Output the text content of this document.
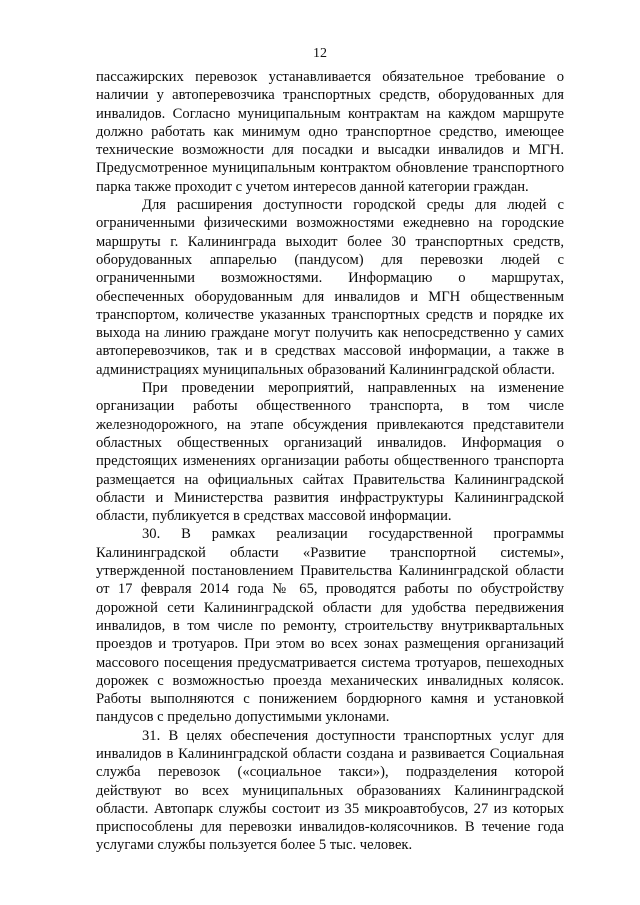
12

пассажирских перевозок устанавливается обязательное требование о наличии у автоперевозчика транспортных средств, оборудованных для инвалидов. Согласно муниципальным контрактам на каждом маршруте должно работать как минимум одно транспортное средство, имеющее технические возможности для посадки и высадки инвалидов и МГН. Предусмотренное муниципальным контрактом обновление транспортного парка также проходит с учетом интересов данной категории граждан.

Для расширения доступности городской среды для людей с ограниченными физическими возможностями ежедневно на городские маршруты г. Калининграда выходит более 30 транспортных средств, оборудованных аппарелью (пандусом) для перевозки людей с ограниченными возможностями. Информацию о маршрутах, обеспеченных оборудованным для инвалидов и МГН общественным транспортом, количестве указанных транспортных средств и порядке их выхода на линию граждане могут получить как непосредственно у самих автоперевозчиков, так и в средствах массовой информации, а также в администрациях муниципальных образований Калининградской области.

При проведении мероприятий, направленных на изменение организации работы общественного транспорта, в том числе железнодорожного, на этапе обсуждения привлекаются представители областных общественных организаций инвалидов. Информация о предстоящих изменениях организации работы общественного транспорта размещается на официальных сайтах Правительства Калининградской области и Министерства развития инфраструктуры Калининградской области, публикуется в средствах массовой информации.

30. В рамках реализации государственной программы Калининградской области «Развитие транспортной системы», утвержденной постановлением Правительства Калининградской области от 17 февраля 2014 года № 65, проводятся работы по обустройству дорожной сети Калининградской области для удобства передвижения инвалидов, в том числе по ремонту, строительству внутриквартальных проездов и тротуаров. При этом во всех зонах размещения организаций массового посещения предусматривается система тротуаров, пешеходных дорожек с возможностью проезда механических инвалидных колясок. Работы выполняются с понижением бордюрного камня и установкой пандусов с предельно допустимыми уклонами.

31. В целях обеспечения доступности транспортных услуг для инвалидов в Калининградской области создана и развивается Социальная служба перевозок («социальное такси»), подразделения которой действуют во всех муниципальных образованиях Калининградской области. Автопарк службы состоит из 35 микроавтобусов, 27 из которых приспособлены для перевозки инвалидов-колясочников. В течение года услугами службы пользуется более 5 тыс. человек.
